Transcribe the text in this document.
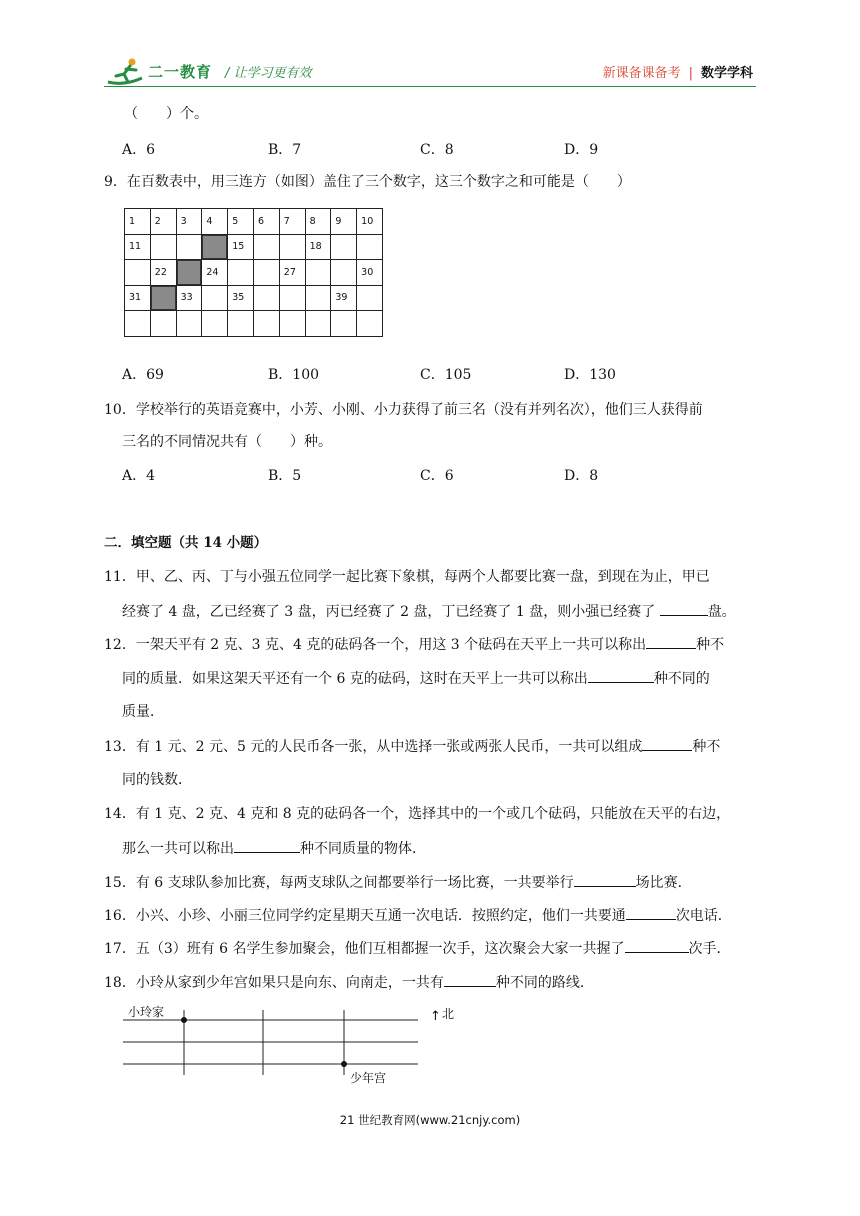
二一教育 / 让学习更有效	新课备课备考 | 数学学科
（　　）个。
A．6	B．7	C．8	D．9
9．在百数表中，用三连方（如图）盖住了三个数字，这三个数字之和可能是（　　）
1	2	3	4	5	6	7	8	9	10
11				15			18		
	22		24			27			30
31		33		35				39	

A．69	B．100	C．105	D．130
10．学校举行的英语竞赛中，小芳、小刚、小力获得了前三名（没有并列名次），他们三人获得前
三名的不同情况共有（　　）种。
A．4	B．5	C．6	D．8
二．填空题（共 14 小题）
11．甲、乙、丙、丁与小强五位同学一起比赛下象棋，每两个人都要比赛一盘，到现在为止，甲已
经赛了 4 盘，乙已经赛了 3 盘，丙已经赛了 2 盘，丁已经赛了 1 盘，则小强已经赛了	盘。
12．一架天平有 2 克、3 克、4 克的砝码各一个，用这 3 个砝码在天平上一共可以称出	种不
同的质量．如果这架天平还有一个 6 克的砝码，这时在天平上一共可以称出	种不同的
质量．
13．有 1 元、2 元、5 元的人民币各一张，从中选择一张或两张人民币，一共可以组成	种不
同的钱数．
14．有 1 克、2 克、4 克和 8 克的砝码各一个，选择其中的一个或几个砝码，只能放在天平的右边，
那么一共可以称出	种不同质量的物体．
15．有 6 支球队参加比赛，每两支球队之间都要举行一场比赛，一共要举行	场比赛．
16．小兴、小珍、小丽三位同学约定星期天互通一次电话．按照约定，他们一共要通	次电话．
17．五（3）班有 6 名学生参加聚会，他们互相都握一次手，这次聚会大家一共握了	次手．
18．小玲从家到少年宫如果只是向东、向南走，一共有	种不同的路线．
小玲家
少年宫
↑ 北
21 世纪教育网(www.21cnjy.com)
